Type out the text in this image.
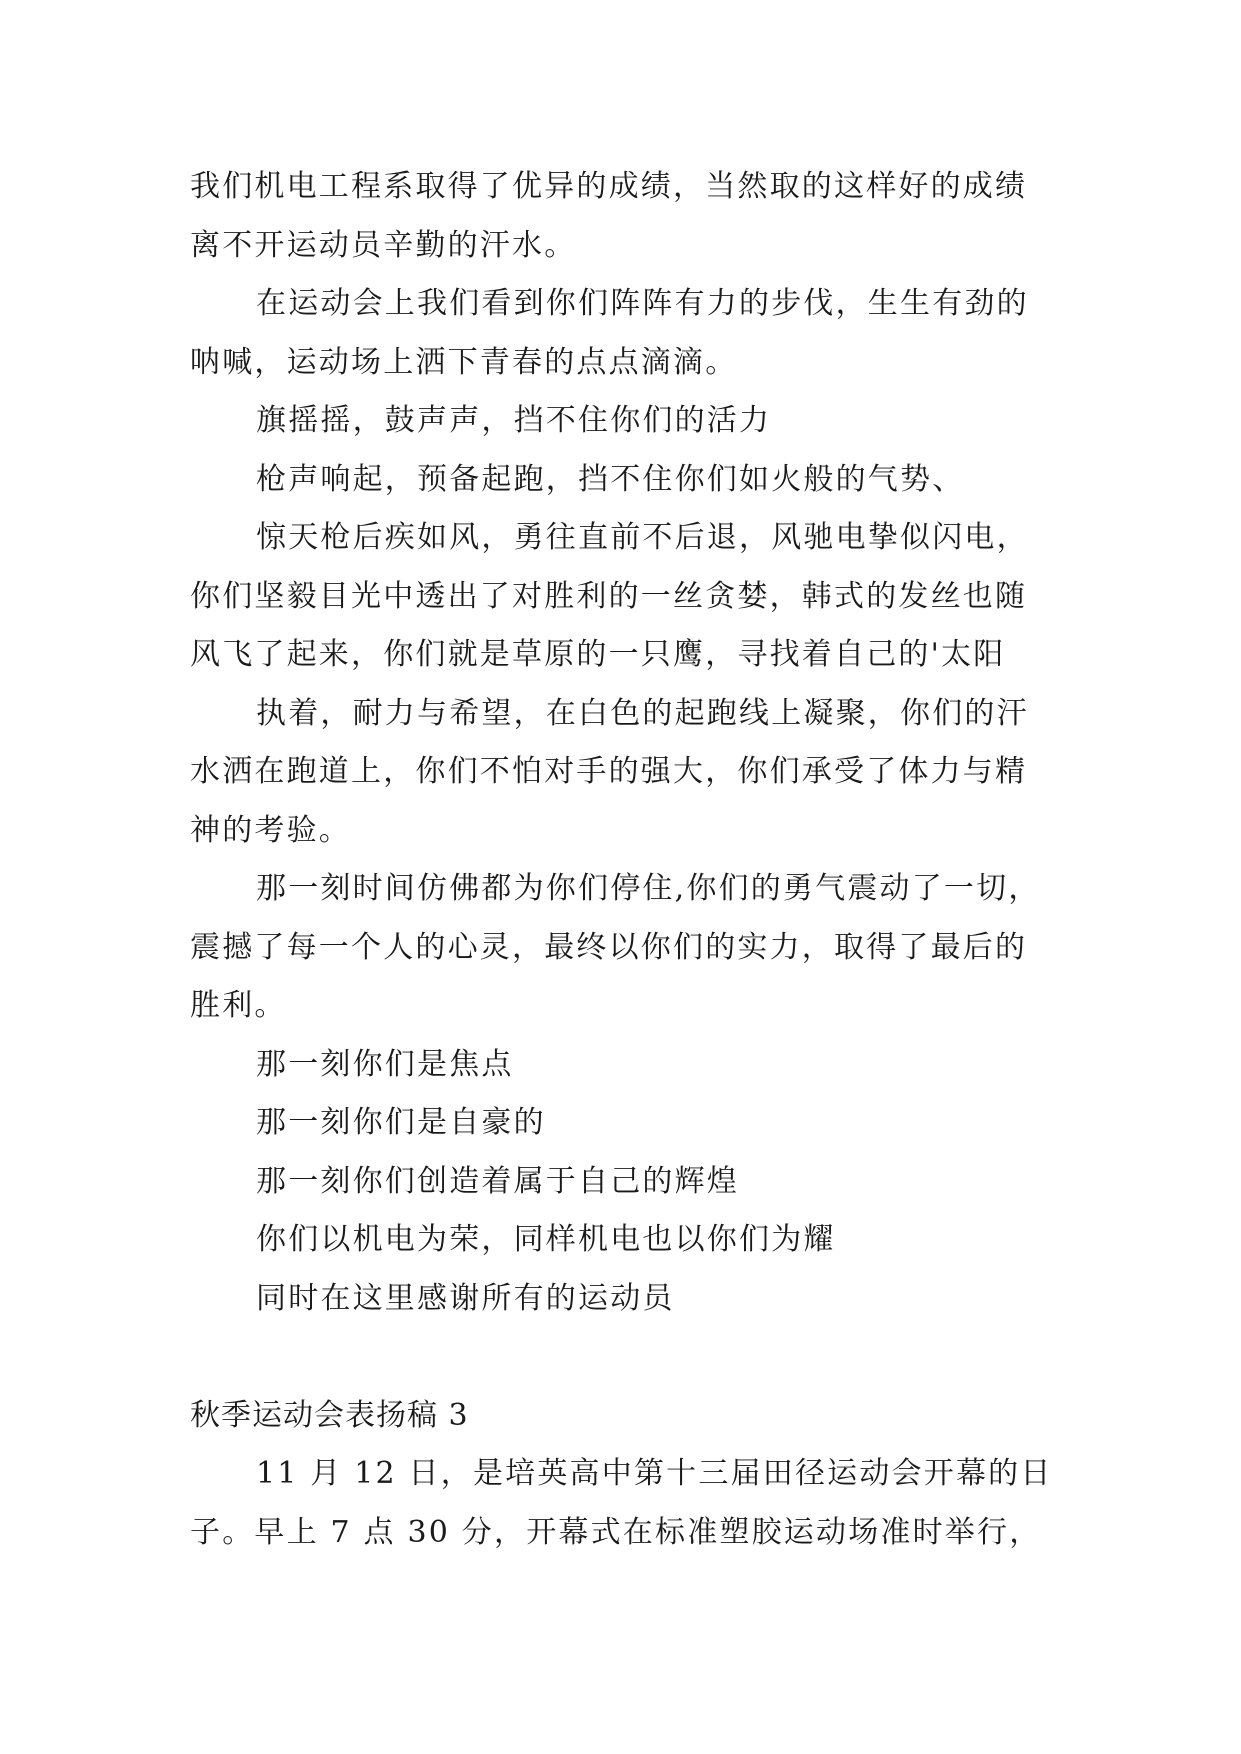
我们机电工程系取得了优异的成绩，当然取的这样好的成绩
离不开运动员辛勤的汗水。
在运动会上我们看到你们阵阵有力的步伐，生生有劲的
呐喊，运动场上洒下青春的点点滴滴。
旗摇摇，鼓声声，挡不住你们的活力
枪声响起，预备起跑，挡不住你们如火般的气势、
惊天枪后疾如风，勇往直前不后退，风驰电挚似闪电，
你们坚毅目光中透出了对胜利的一丝贪婪，韩式的发丝也随
风飞了起来，你们就是草原的一只鹰，寻找着自己的'太阳
执着，耐力与希望，在白色的起跑线上凝聚，你们的汗
水洒在跑道上，你们不怕对手的强大，你们承受了体力与精
神的考验。
那一刻时间仿佛都为你们停住,你们的勇气震动了一切，
震撼了每一个人的心灵，最终以你们的实力，取得了最后的
胜利。
那一刻你们是焦点
那一刻你们是自豪的
那一刻你们创造着属于自己的辉煌
你们以机电为荣，同样机电也以你们为耀
同时在这里感谢所有的运动员
秋季运动会表扬稿 3
11 月 12 日，是培英高中第十三届田径运动会开幕的日
子。早上 7 点 30 分，开幕式在标准塑胶运动场准时举行，
